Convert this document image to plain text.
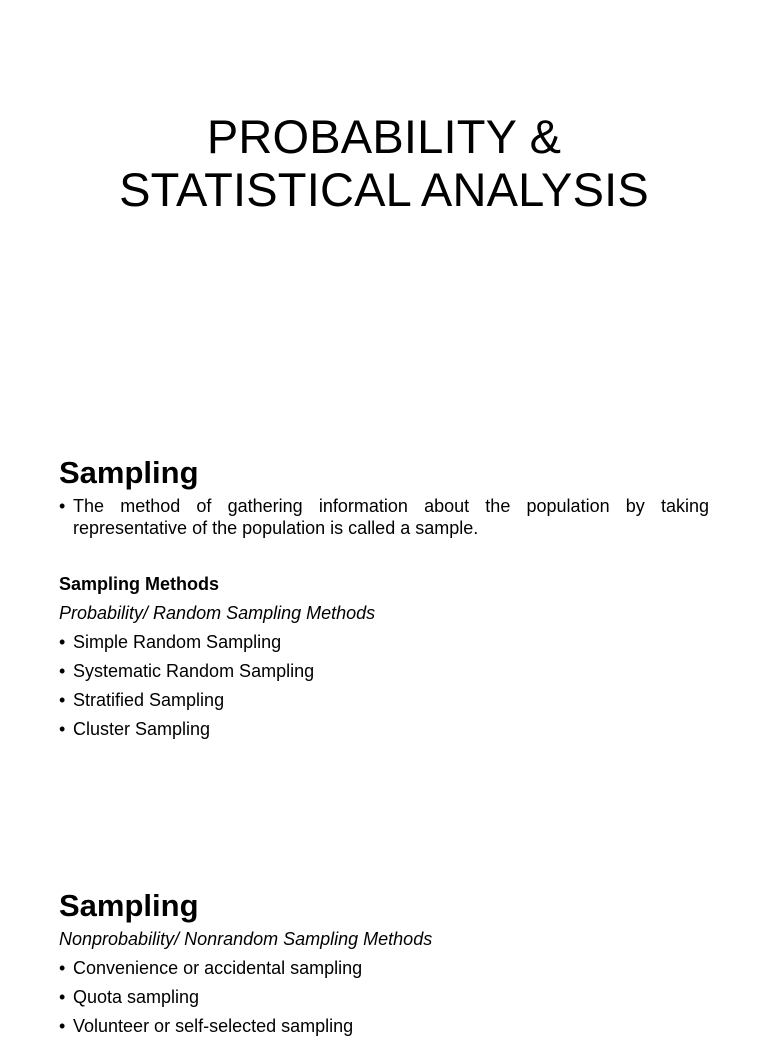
PROBABILITY &
STATISTICAL ANALYSIS
Sampling
• The method of gathering information about the population by taking representative of the population is called a sample.

Sampling Methods

Probability/ Random Sampling Methods

• Simple Random Sampling
• Systematic Random Sampling
• Stratified Sampling
• Cluster Sampling
Sampling

Nonprobability/ Nonrandom Sampling Methods

• Convenience or accidental sampling
• Quota sampling
• Volunteer or self-selected sampling
